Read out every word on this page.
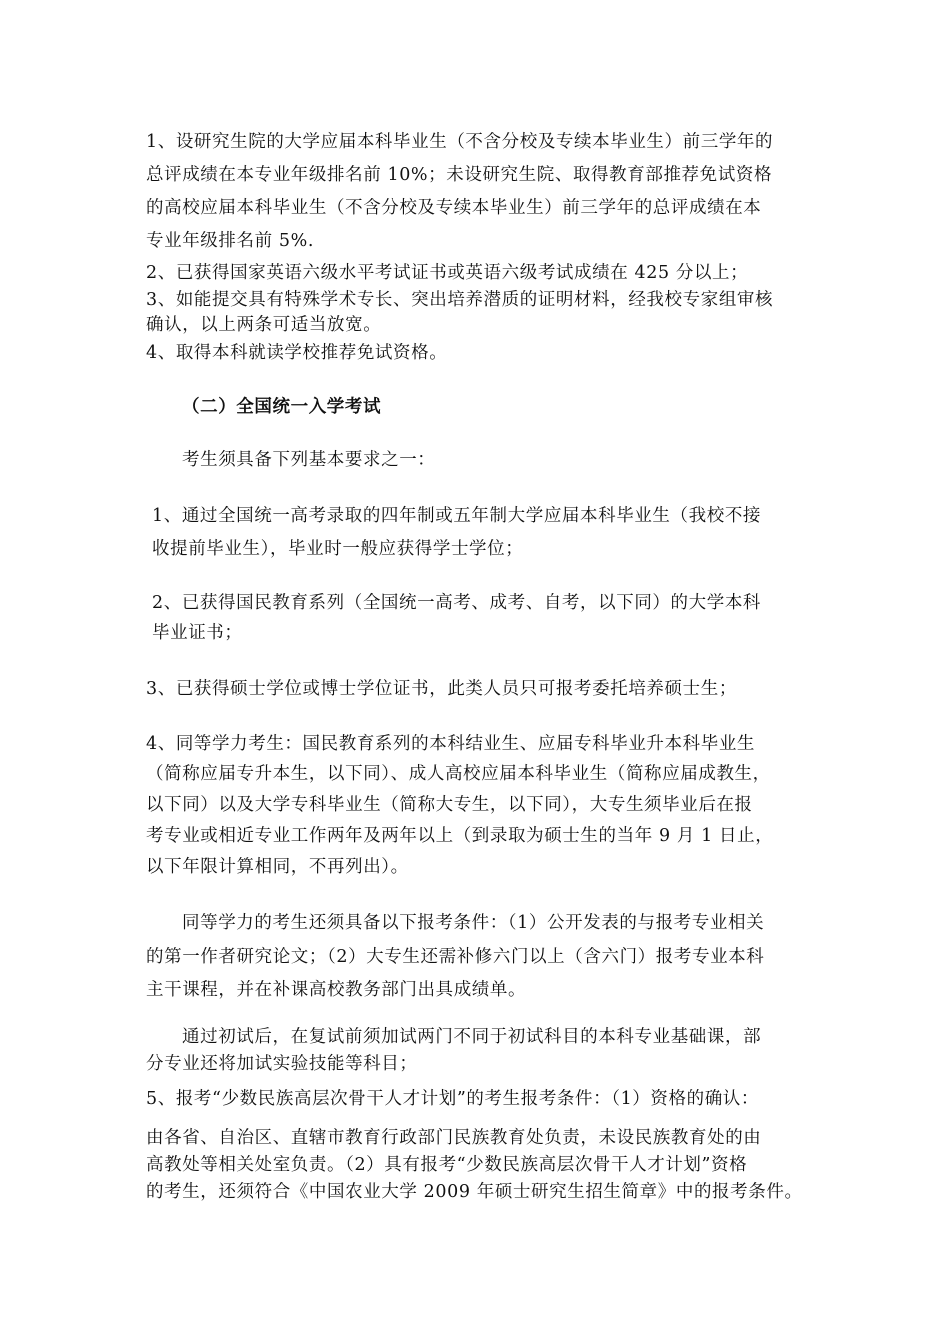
1、设研究生院的大学应届本科毕业生（不含分校及专续本毕业生）前三学年的
总评成绩在本专业年级排名前 10%；未设研究生院、取得教育部推荐免试资格
的高校应届本科毕业生（不含分校及专续本毕业生）前三学年的总评成绩在本
专业年级排名前 5%.
2、已获得国家英语六级水平考试证书或英语六级考试成绩在 425 分以上；
3、如能提交具有特殊学术专长、突出培养潜质的证明材料，经我校专家组审核
确认，以上两条可适当放宽。
4、取得本科就读学校推荐免试资格。
（二）全国统一入学考试
考生须具备下列基本要求之一：
1、通过全国统一高考录取的四年制或五年制大学应届本科毕业生（我校不接
收提前毕业生），毕业时一般应获得学士学位；
2、已获得国民教育系列（全国统一高考、成考、自考，以下同）的大学本科
毕业证书；
3、已获得硕士学位或博士学位证书，此类人员只可报考委托培养硕士生；
4、同等学力考生：国民教育系列的本科结业生、应届专科毕业升本科毕业生
（简称应届专升本生，以下同）、成人高校应届本科毕业生（简称应届成教生，
以下同）以及大学专科毕业生（简称大专生，以下同），大专生须毕业后在报
考专业或相近专业工作两年及两年以上（到录取为硕士生的当年 9 月 1 日止，
以下年限计算相同，不再列出）。
同等学力的考生还须具备以下报考条件：（1）公开发表的与报考专业相关
的第一作者研究论文；（2）大专生还需补修六门以上（含六门）报考专业本科
主干课程，并在补课高校教务部门出具成绩单。
通过初试后，在复试前须加试两门不同于初试科目的本科专业基础课，部
分专业还将加试实验技能等科目；
5、报考“少数民族高层次骨干人才计划”的考生报考条件：（1）资格的确认：
由各省、自治区、直辖市教育行政部门民族教育处负责，未设民族教育处的由
高教处等相关处室负责。（2）具有报考“少数民族高层次骨干人才计划”资格
的考生，还须符合《中国农业大学 2009 年硕士研究生招生简章》中的报考条件。
